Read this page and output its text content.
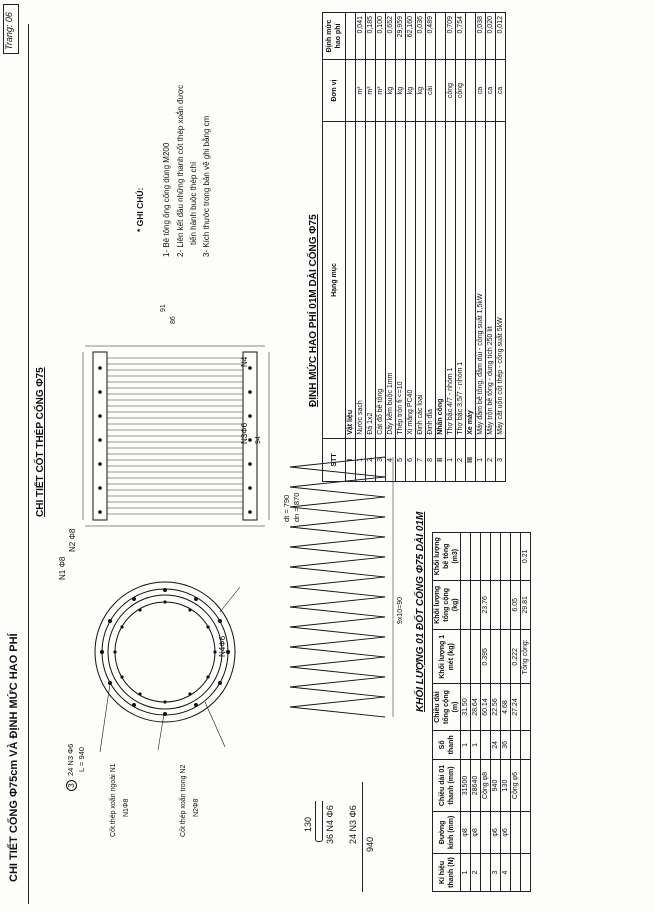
Trang: 06
CHI TIẾT CỐNG Φ75cm VÀ ĐỊNH MỨC HAO PHÍ
CHI TIẾT CỐT THÉP CỐNG Φ75
* GHI CHÚ: 1- Bê tông ống cống dùng M200 2- Liên kết đầu những thanh cốt thép xoắn được tiến hành buộc thép chì 3- Kích thước trong bản vẽ ghi bằng cm
3
24 N3 Φ6 L = 940
Cốt thép xoắn ngoài N1 N1Φ8	Cốt thép xoắn trong N2 N2Φ8
N4Φ6
N1 Φ8
N2 Φ8
94
86
91
N3Φ6
N4
dt = 790 dn = 870
9x10=90
130 36 N4 Φ6 24 N3 Φ6
940
KHỐI LƯỢNG 01 ĐỐT CỐNG Φ75 DÀI 01M
Kí hiệu thanh (N)	Đường kính (mm)	Chiều dài 01 thanh (mm)	Số thanh	Chiều dài tổng cộng (m)	Khối lượng 1 mét (kg)	Khối lượng tổng cộng (kg)	Khối lượng bê tông (m3)
1	φ8	31500	1	31.50			
2	φ8	28640	1	28.64			
		Cộng φ8		60.14	0.395	23.76	
3	φ6	940	24	22.56			
4	φ6	130	36	4.68			
		Cộng φ6		27.24	0.222	6.05	
					Tổng cộng:	29.81	0.21
ĐỊNH MỨC HAO PHÍ 01M DÀI CỐNG Φ75
STT	Hạng mục	Đơn vị	Định mức hao phí
I	Vật liệu		
1	Nước sạch	m³	0,041
2	Đá 1x2	m³	0,185
3	Cát đổ bê tông	m³	0,100
4	Dây kẽm buộc 1mm	kg	0,652
5	Thép tròn fi <=10	kg	29,959
6	Xi măng PC40	kg	62,160
7	Đinh các loại	kg	0,036
8	Đinh đỉa	cái	0,489
II	Nhân công		
1	Thợ bậc 4/7 - nhóm 1	công	0,709
2	Thợ bậc 3,5/7 - nhóm 1	công	0,754
III	Xe máy		
1	Máy đầm bê tông, đầm dùi - công suất 1,5kW	ca	0,038
2	Máy trộn bê tông - dung tích 250 lít	ca	0,020
3	Máy cắt uốn cốt thép - công suất 5kW	ca	0,012
